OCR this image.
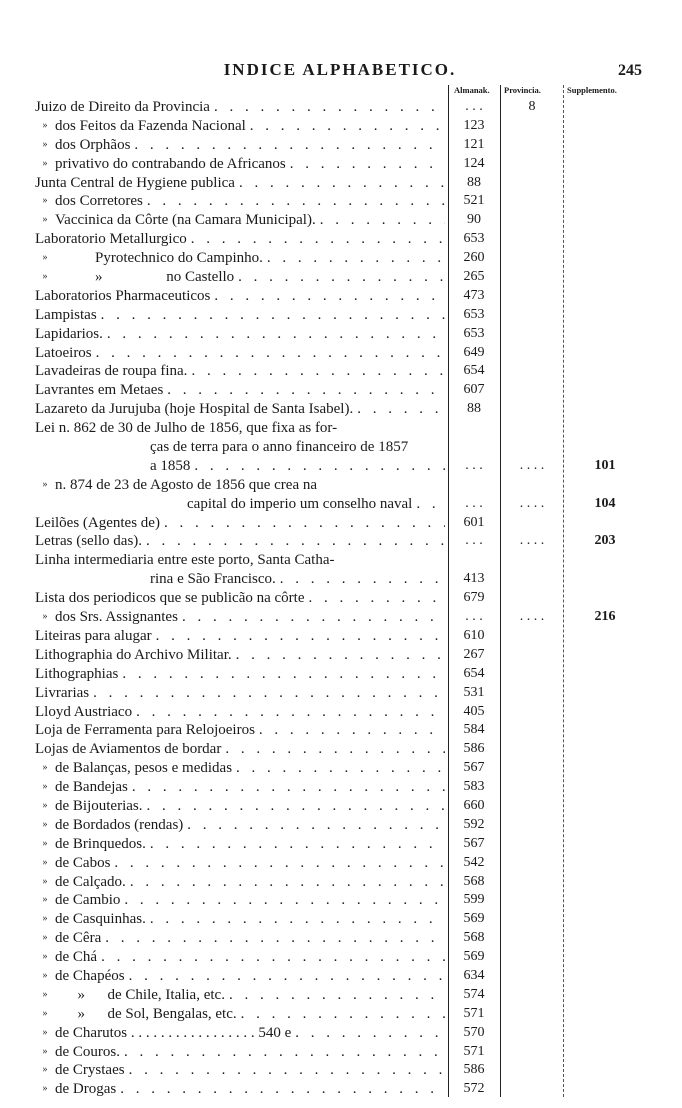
INDICE ALPHABETICO.	245
Almanak. Provincia.	Supplemento.
Juizo de Direito da Provincia . . .	. . .	8
» dos Feitos da Fazenda Nacional . . .	123
» dos Orphãos . . .	121
» privativo do contrabando de Africanos . . .	124
Junta Central de Hygiene publica . . .	88
» dos Corretores . . .	521
» Vaccinica da Côrte (na Camara Municipal). . . .	90
Laboratorio Metallurgico . . .	653
»	Pyrotechnico do Campinho. . . .	260
»	»                 no Castello . . .	265
Laboratorios Pharmaceuticos . . .	473
Lampistas . . .	653
Lapidarios. . . .	653
Latoeiros . . .	649
Lavadeiras de roupa fina. . . .	654
Lavrantes em Metaes . . .	607
Lazareto da Jurujuba (hoje Hospital de Santa Isabel). . . .	88
Lei n. 862 de 30 de Julho de 1856, que fixa as for-
ças de terra para o anno financeiro de 1857
a 1858 . . .	. . .	. . . .	101
» n. 874 de 23 de Agosto de 1856 que crea na
capital do imperio um conselho naval . . .	. . .	. . . .	104
Leilões (Agentes de) . . .	601
Letras (sello das). . . .	. . .	. . . .	203
Linha intermediaria entre este porto, Santa Catha-
rina e São Francisco. . . .	413
Lista dos periodicos que se publicão na côrte . . .	679
» dos Srs. Assignantes . . .	. . .	. . . .	216
Liteiras para alugar . . .	610
Lithographia do Archivo Militar. . . .	267
Lithographias . . .	654
Livrarias . . .	531
Lloyd Austriaco . . .	405
Loja de Ferramenta para Relojoeiros . . .	584
Lojas de Aviamentos de bordar . . .	586
» de Balanças, pesos e medidas . . .	567
» de Bandejas . . .	583
» de Bijouterias. . . .	660
» de Bordados (rendas) . . .	592
» de Brinquedos. . . .	567
» de Cabos . . .	542
» de Calçado. . . .	568
» de Cambio . . .	599
» de Casquinhas. . . .	569
» de Cêra . . .	568
» de Chá . . .	569
» de Chapéos . . .	634
» »      de Chile, Italia, etc. . . .	574
» »      de Sol, Bengalas, etc. . . .	571
» de Charutos . . . . . . . . . . . . . . . . . 540 e . . .	570
» de Couros. . . .	571
» de Crystaes . . .	586
» de Drogas . . .	572
